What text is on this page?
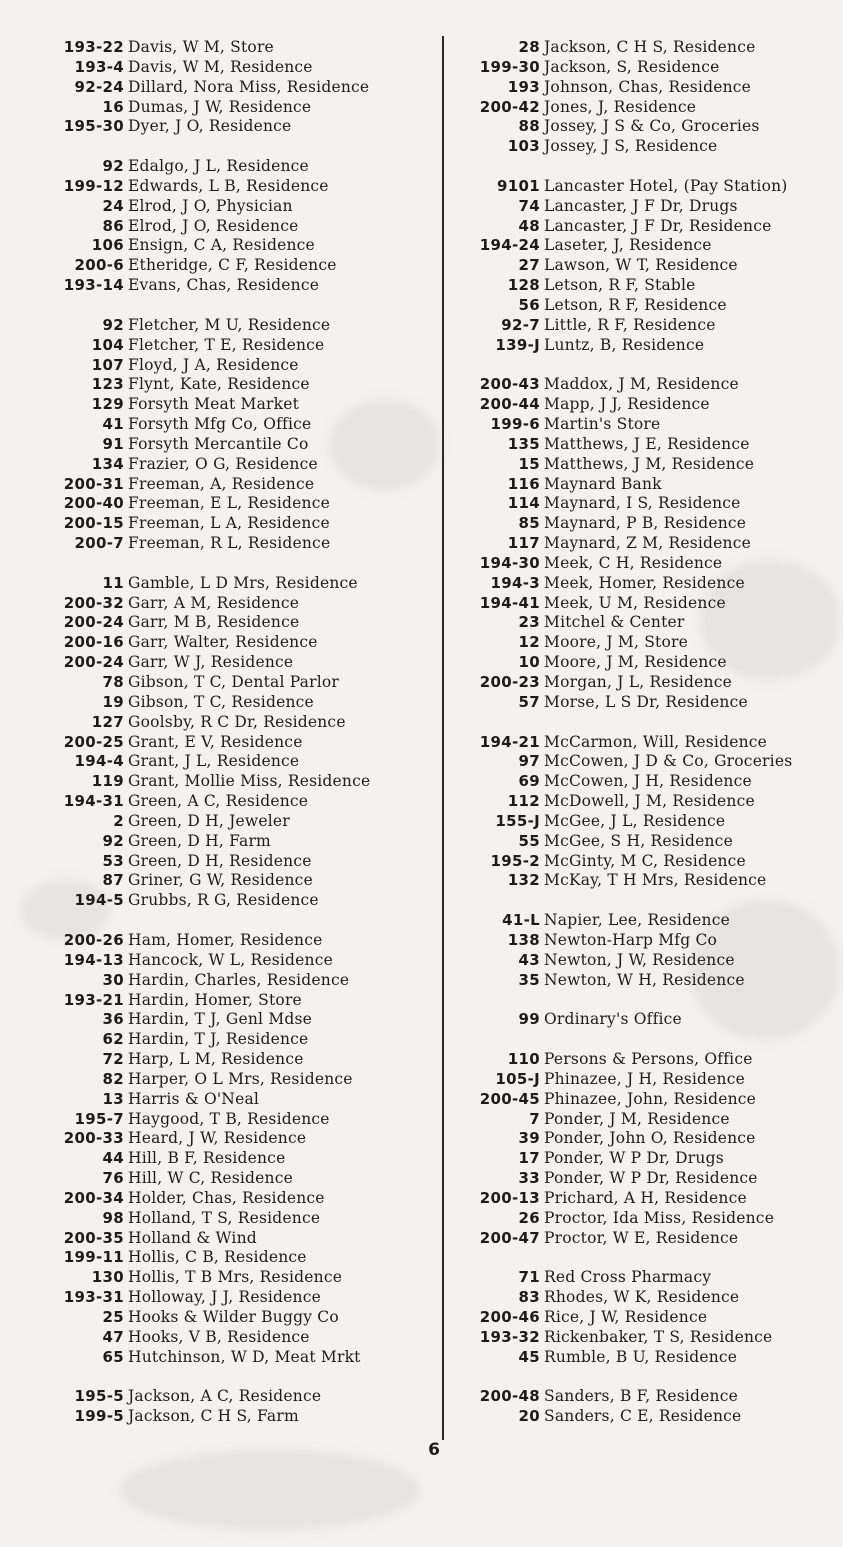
193-22 Davis, W M, Store
193-4 Davis, W M, Residence
92-24 Dillard, Nora Miss, Residence
16 Dumas, J W, Residence
195-30 Dyer, J O, Residence
92 Edalgo, J L, Residence
199-12 Edwards, L B, Residence
24 Elrod, J O, Physician
86 Elrod, J O, Residence
106 Ensign, C A, Residence
200-6 Etheridge, C F, Residence
193-14 Evans, Chas, Residence
92 Fletcher, M U, Residence
104 Fletcher, T E, Residence
107 Floyd, J A, Residence
123 Flynt, Kate, Residence
129 Forsyth Meat Market
41 Forsyth Mfg Co, Office
91 Forsyth Mercantile Co
134 Frazier, O G, Residence
200-31 Freeman, A, Residence
200-40 Freeman, E L, Residence
200-15 Freeman, L A, Residence
200-7 Freeman, R L, Residence
11 Gamble, L D Mrs, Residence
200-32 Garr, A M, Residence
200-24 Garr, M B, Residence
200-16 Garr, Walter, Residence
200-24 Garr, W J, Residence
78 Gibson, T C, Dental Parlor
19 Gibson, T C, Residence
127 Goolsby, R C Dr, Residence
200-25 Grant, E V, Residence
194-4 Grant, J L, Residence
119 Grant, Mollie Miss, Residence
194-31 Green, A C, Residence
2 Green, D H, Jeweler
92 Green, D H, Farm
53 Green, D H, Residence
87 Griner, G W, Residence
194-5 Grubbs, R G, Residence
200-26 Ham, Homer, Residence
194-13 Hancock, W L, Residence
30 Hardin, Charles, Residence
193-21 Hardin, Homer, Store
36 Hardin, T J, Genl Mdse
62 Hardin, T J, Residence
72 Harp, L M, Residence
82 Harper, O L Mrs, Residence
13 Harris & O'Neal
195-7 Haygood, T B, Residence
200-33 Heard, J W, Residence
44 Hill, B F, Residence
76 Hill, W C, Residence
200-34 Holder, Chas, Residence
98 Holland, T S, Residence
200-35 Holland & Wind
199-11 Hollis, C B, Residence
130 Hollis, T B Mrs, Residence
193-31 Holloway, J J, Residence
25 Hooks & Wilder Buggy Co
47 Hooks, V B, Residence
65 Hutchinson, W D, Meat Mrkt
195-5 Jackson, A C, Residence
199-5 Jackson, C H S, Farm
28 Jackson, C H S, Residence
199-30 Jackson, S, Residence
193 Johnson, Chas, Residence
200-42 Jones, J, Residence
88 Jossey, J S & Co, Groceries
103 Jossey, J S, Residence
9101 Lancaster Hotel, (Pay Station)
74 Lancaster, J F Dr, Drugs
48 Lancaster, J F Dr, Residence
194-24 Laseter, J, Residence
27 Lawson, W T, Residence
128 Letson, R F, Stable
56 Letson, R F, Residence
92-7 Little, R F, Residence
139-J Luntz, B, Residence
200-43 Maddox, J M, Residence
200-44 Mapp, J J, Residence
199-6 Martin's Store
135 Matthews, J E, Residence
15 Matthews, J M, Residence
116 Maynard Bank
114 Maynard, I S, Residence
85 Maynard, P B, Residence
117 Maynard, Z M, Residence
194-30 Meek, C H, Residence
194-3 Meek, Homer, Residence
194-41 Meek, U M, Residence
23 Mitchel & Center
12 Moore, J M, Store
10 Moore, J M, Residence
200-23 Morgan, J L, Residence
57 Morse, L S Dr, Residence
194-21 McCarmon, Will, Residence
97 McCowen, J D & Co, Groceries
69 McCowen, J H, Residence
112 McDowell, J M, Residence
155-J McGee, J L, Residence
55 McGee, S H, Residence
195-2 McGinty, M C, Residence
132 McKay, T H Mrs, Residence
41-L Napier, Lee, Residence
138 Newton-Harp Mfg Co
43 Newton, J W, Residence
35 Newton, W H, Residence
99 Ordinary's Office
110 Persons & Persons, Office
105-J Phinazee, J H, Residence
200-45 Phinazee, John, Residence
7 Ponder, J M, Residence
39 Ponder, John O, Residence
17 Ponder, W P Dr, Drugs
33 Ponder, W P Dr, Residence
200-13 Prichard, A H, Residence
26 Proctor, Ida Miss, Residence
200-47 Proctor, W E, Residence
71 Red Cross Pharmacy
83 Rhodes, W K, Residence
200-46 Rice, J W, Residence
193-32 Rickenbaker, T S, Residence
45 Rumble, B U, Residence
200-48 Sanders, B F, Residence
20 Sanders, C E, Residence
6
